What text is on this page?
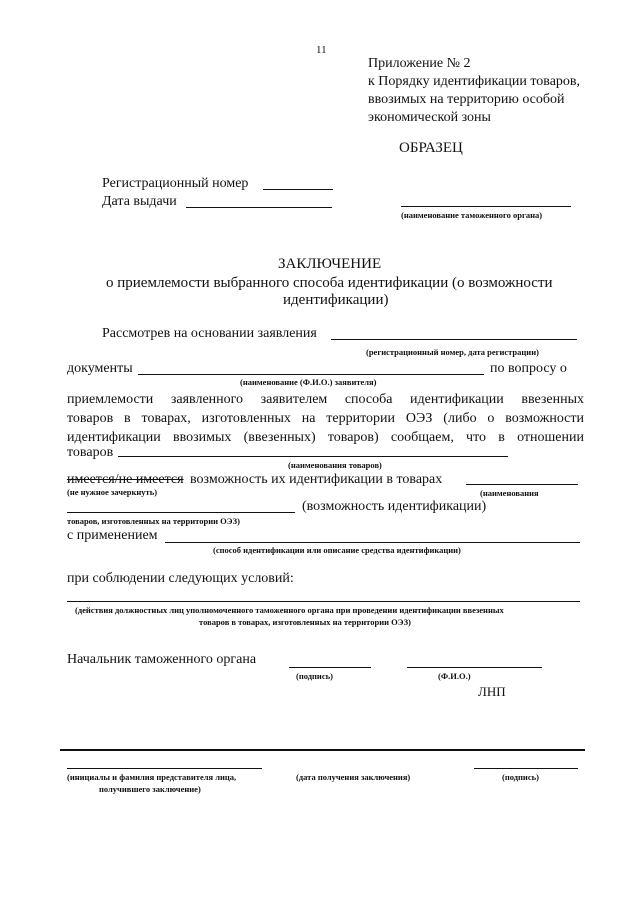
11
Приложение № 2
к Порядку идентификации товаров,
ввозимых на территорию особой
экономической зоны
ОБРАЗЕЦ
Регистрационный номер
Дата выдачи
(наименование таможенного органа)
ЗАКЛЮЧЕНИЕ
о приемлемости выбранного способа идентификации (о возможности
идентификации)
Рассмотрев на основании заявления
(регистрационный номер, дата регистрации)
документы	по вопросу о
(наименование (Ф.И.О.) заявителя)
приемлемости заявленного заявителем способа идентификации ввезенных
товаров в товарах, изготовленных на территории ОЭЗ (либо о возможности
идентификации ввозимых (ввезенных) товаров) сообщаем, что в отношении
товаров
(наименования товаров)
имеется/не имеется возможность их идентификации в товарах
(не нужное зачеркнуть)	(наименования
(возможность идентификации)
товаров, изготовленных на территории ОЭЗ)
с применением
(способ идентификации или описание средства идентификации)
при соблюдении следующих условий:
(действия должностных лиц уполномоченного таможенного органа при проведении идентификации ввезенных
товаров в товарах, изготовленных на территории ОЭЗ)
Начальник таможенного органа
(подпись)	(Ф.И.О.)
ЛНП
(инициалы и фамилия представителя лица,
получившего заключение)
(дата получения заключения)	(подпись)
